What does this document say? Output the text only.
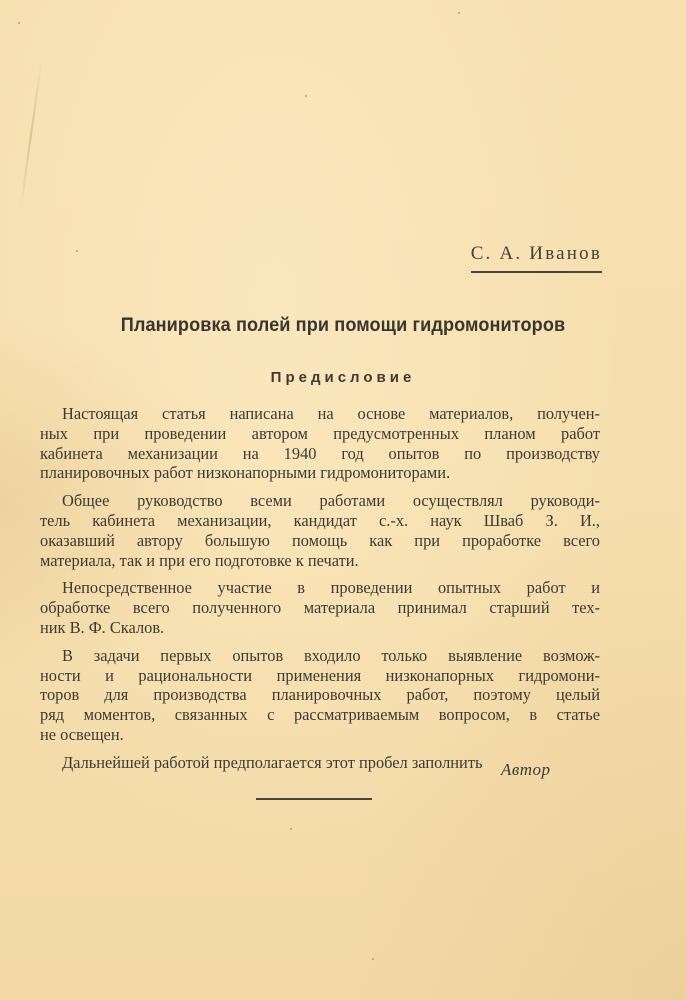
С. А. Иванов
Планировка полей при помощи гидромониторов
Предисловие

Настоящая статья написана на основе материалов, получен-
ных при проведении автором предусмотренных планом работ
кабинета механизации на 1940 год опытов по производству
планировочных работ низконапорными гидромониторами.

Общее руководство всеми работами осуществлял руководи-
тель кабинета механизации, кандидат с.-х. наук Шваб З. И.,
оказавший автору большую помощь как при проработке всего
материала, так и при его подготовке к печати.

Непосредственное участие в проведении опытных работ и
обработке всего полученного материала принимал старший тех-
ник В. Ф. Скалов.

В задачи первых опытов входило только выявление возмож-
ности и рациональности применения низконапорных гидромони-
торов для производства планировочных работ, поэтому целый
ряд моментов, связанных с рассматриваемым вопросом, в статье
не освещен.

Дальнейшей работой предполагается этот пробел заполнить	Автор
